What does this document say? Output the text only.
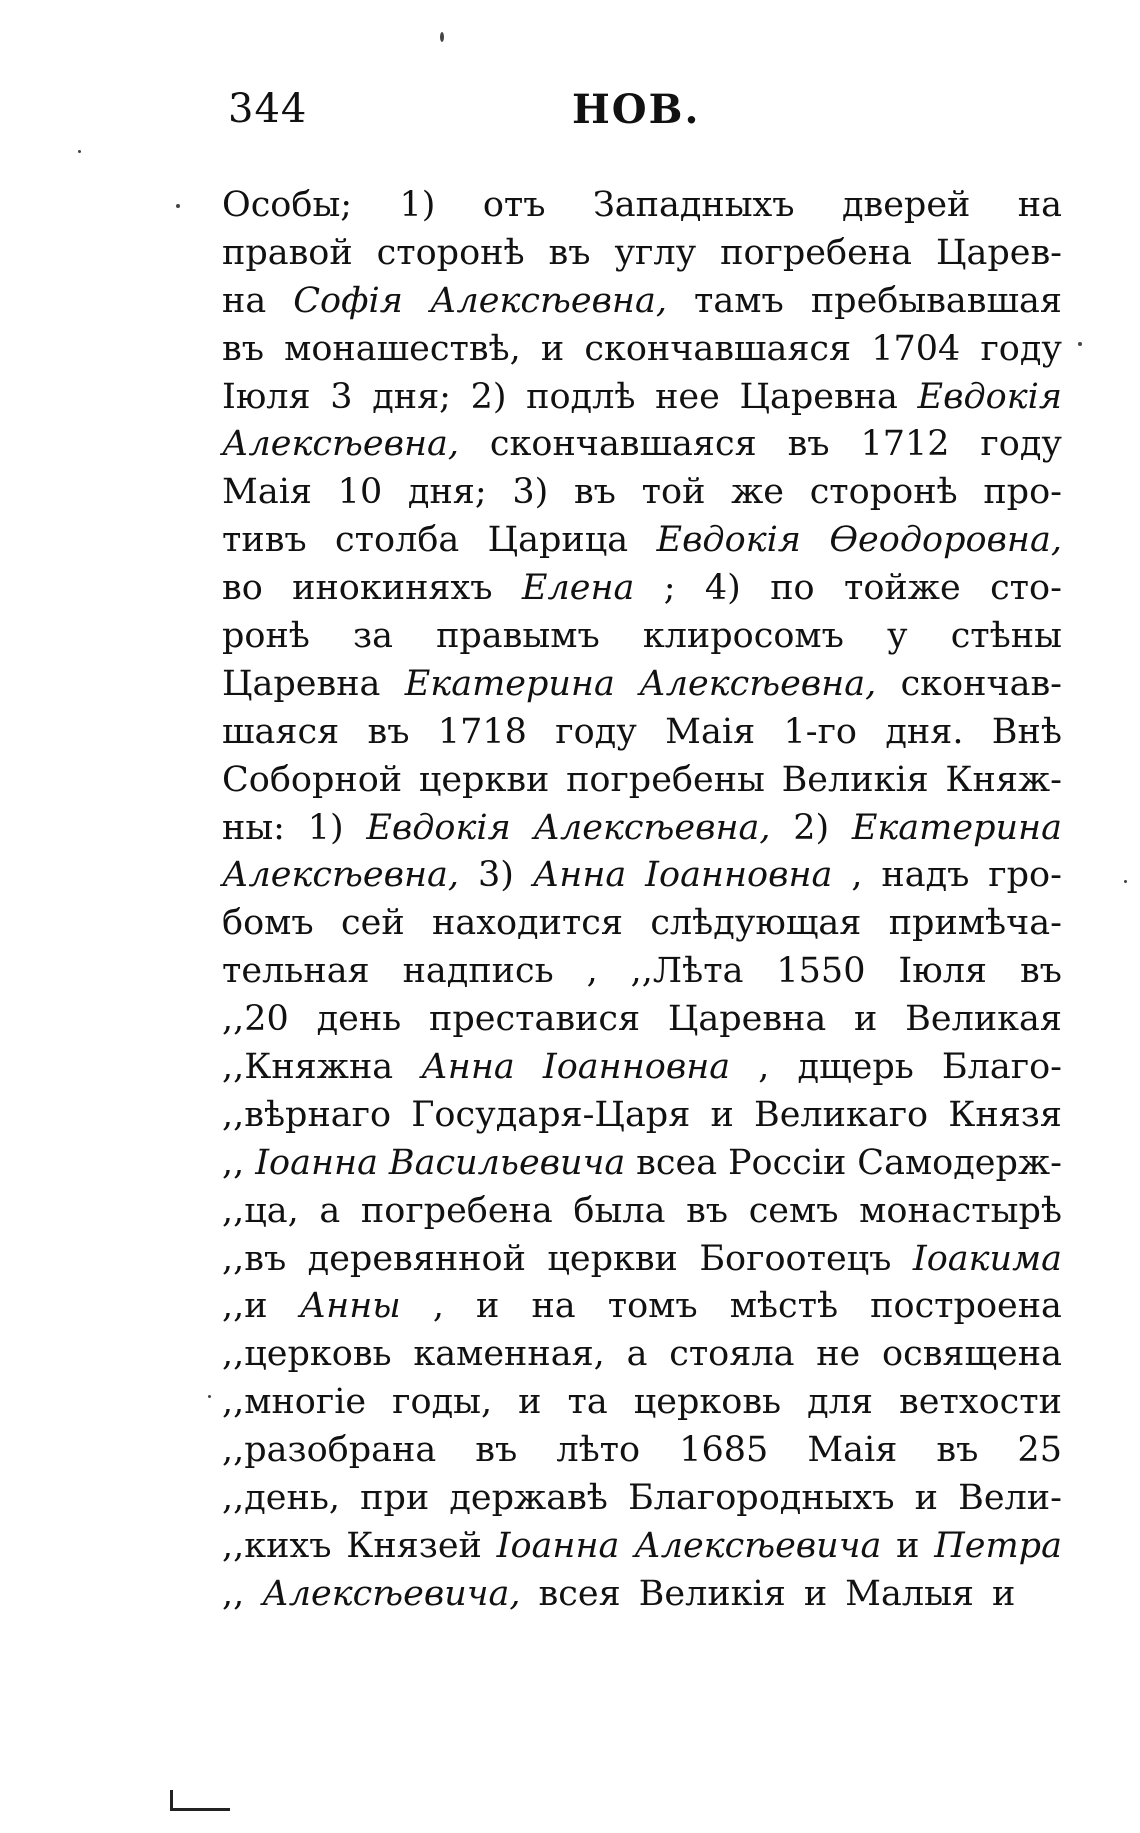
344	НОВ.
Особы; 1) отъ Западныхъ дверей на
правой сторонѣ въ углу погребена Царев-
на Софія Алексѣевна, тамъ пребывавшая
въ монашествѣ, и скончавшаяся 1704 году
Іюля 3 дня; 2) подлѣ нее Царевна Евдокія
Алексѣевна, скончавшаяся въ 1712 году
Маія 10 дня; 3) въ той же сторонѣ про-
тивъ столба Царица Евдокія Ѳеодоровна,
во инокиняхъ Елена ; 4) по тойже сто-
ронѣ за правымъ клиросомъ у стѣны
Царевна Екатерина Алексѣевна, скончав-
шаяся въ 1718 году Маія 1-го дня. Внѣ
Соборной церкви погребены Великія Княж-
ны: 1) Евдокія Алексѣевна, 2) Екатерина
Алексѣевна, 3) Анна Іоанновна , надъ гро-
бомъ сей находится слѣдующая примѣча-
тельная надпись , ,,Лѣта 1550 Іюля въ
,,20 день преставися Царевна и Великая
,,Княжна Анна Іоанновна , дщерь Благо-
,,вѣрнаго Государя-Царя и Великаго Князя
,, Іоанна Васильевича всеа Россіи Самодерж-
,,ца, а погребена была въ семъ монастырѣ
,,въ деревянной церкви Богоотецъ Іоакима
,,и Анны , и на томъ мѣстѣ построена
,,церковь каменная, а стояла не освящена
,,многіе годы, и та церковь для ветхости
,,разобрана въ лѣто 1685 Маія въ 25
,,день, при державѣ Благородныхъ и Вели-
,,кихъ Князей Іоанна Алексѣевича и Петра
,, Алексѣевича, всея Великія и Малыя и
